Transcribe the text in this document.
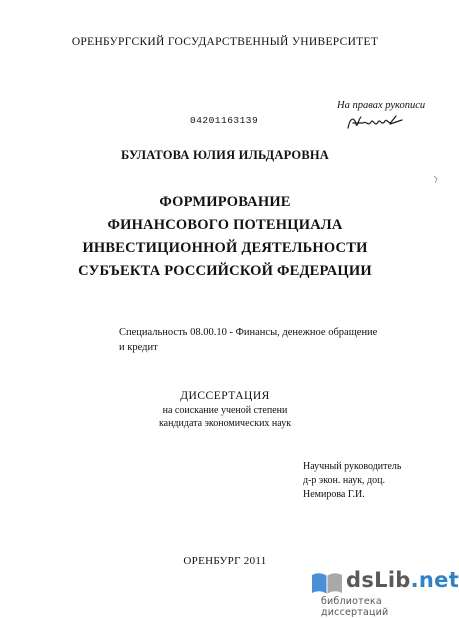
ОРЕНБУРГСКИЙ ГОСУДАРСТВЕННЫЙ УНИВЕРСИТЕТ
На правах рукописи
04201163139
БУЛАТОВА ЮЛИЯ ИЛЬДАРОВНА
ФОРМИРОВАНИЕ
ФИНАНСОВОГО ПОТЕНЦИАЛА
ИНВЕСТИЦИОННОЙ ДЕЯТЕЛЬНОСТИ
СУБЪЕКТА РОССИЙСКОЙ ФЕДЕРАЦИИ
Специальность 08.00.10 - Финансы, денежное обращение
и кредит
ДИССЕРТАЦИЯ
на соискание ученой степени
кандидата экономических наук
Научный руководитель
д-р экон. наук, доц.
Немирова Г.И.
ОРЕНБУРГ 2011
dsLib.net
библиотека диссертаций
